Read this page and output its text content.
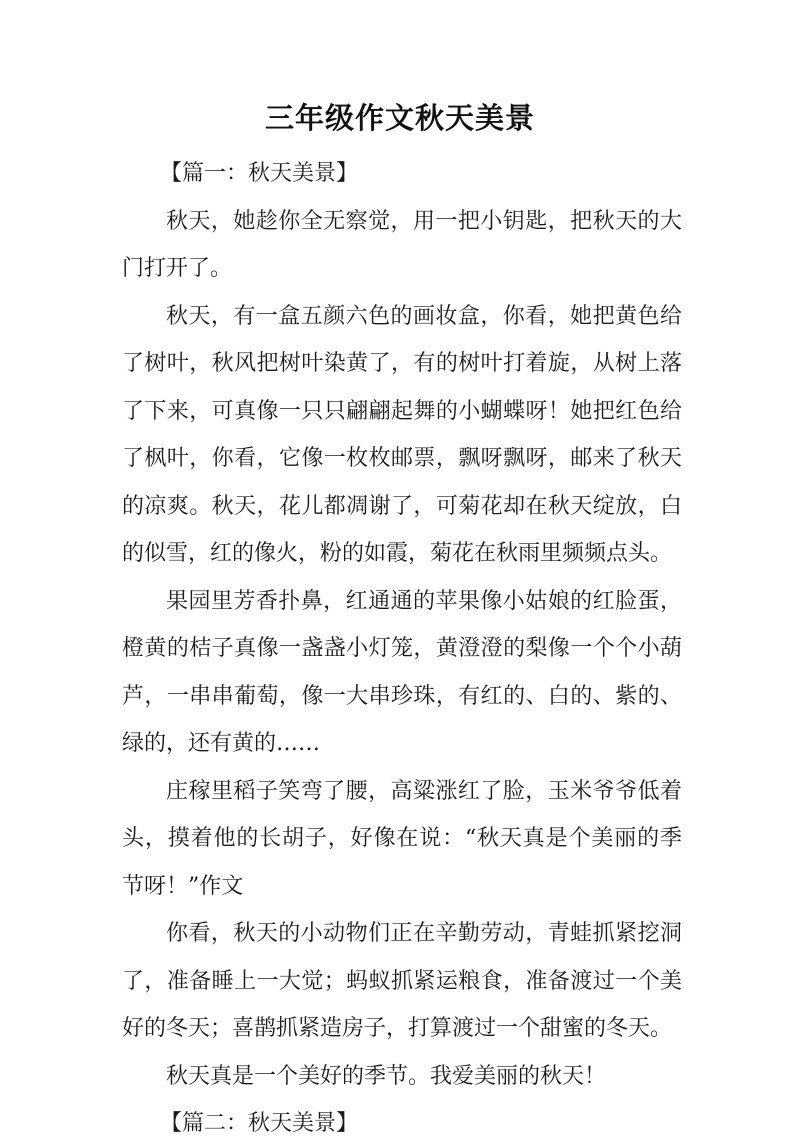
三年级作文秋天美景

【篇一：秋天美景】

秋天，她趁你全无察觉，用一把小钥匙，把秋天的大门打开了。

秋天，有一盒五颜六色的画妆盒，你看，她把黄色给了树叶，秋风把树叶染黄了，有的树叶打着旋，从树上落了下来，可真像一只只翩翩起舞的小蝴蝶呀！她把红色给了枫叶，你看，它像一枚枚邮票，飘呀飘呀，邮来了秋天的凉爽。秋天，花儿都凋谢了，可菊花却在秋天绽放，白的似雪，红的像火，粉的如霞，菊花在秋雨里频频点头。

果园里芳香扑鼻，红通通的苹果像小姑娘的红脸蛋，橙黄的桔子真像一盏盏小灯笼，黄澄澄的梨像一个个小葫芦，一串串葡萄，像一大串珍珠，有红的、白的、紫的、绿的，还有黄的……

庄稼里稻子笑弯了腰，高粱涨红了脸，玉米爷爷低着头，摸着他的长胡子，好像在说：“秋天真是个美丽的季节呀！”作文

你看，秋天的小动物们正在辛勤劳动，青蛙抓紧挖洞了，准备睡上一大觉；蚂蚁抓紧运粮食，准备渡过一个美好的冬天；喜鹊抓紧造房子，打算渡过一个甜蜜的冬天。

秋天真是一个美好的季节。我爱美丽的秋天！

【篇二：秋天美景】
